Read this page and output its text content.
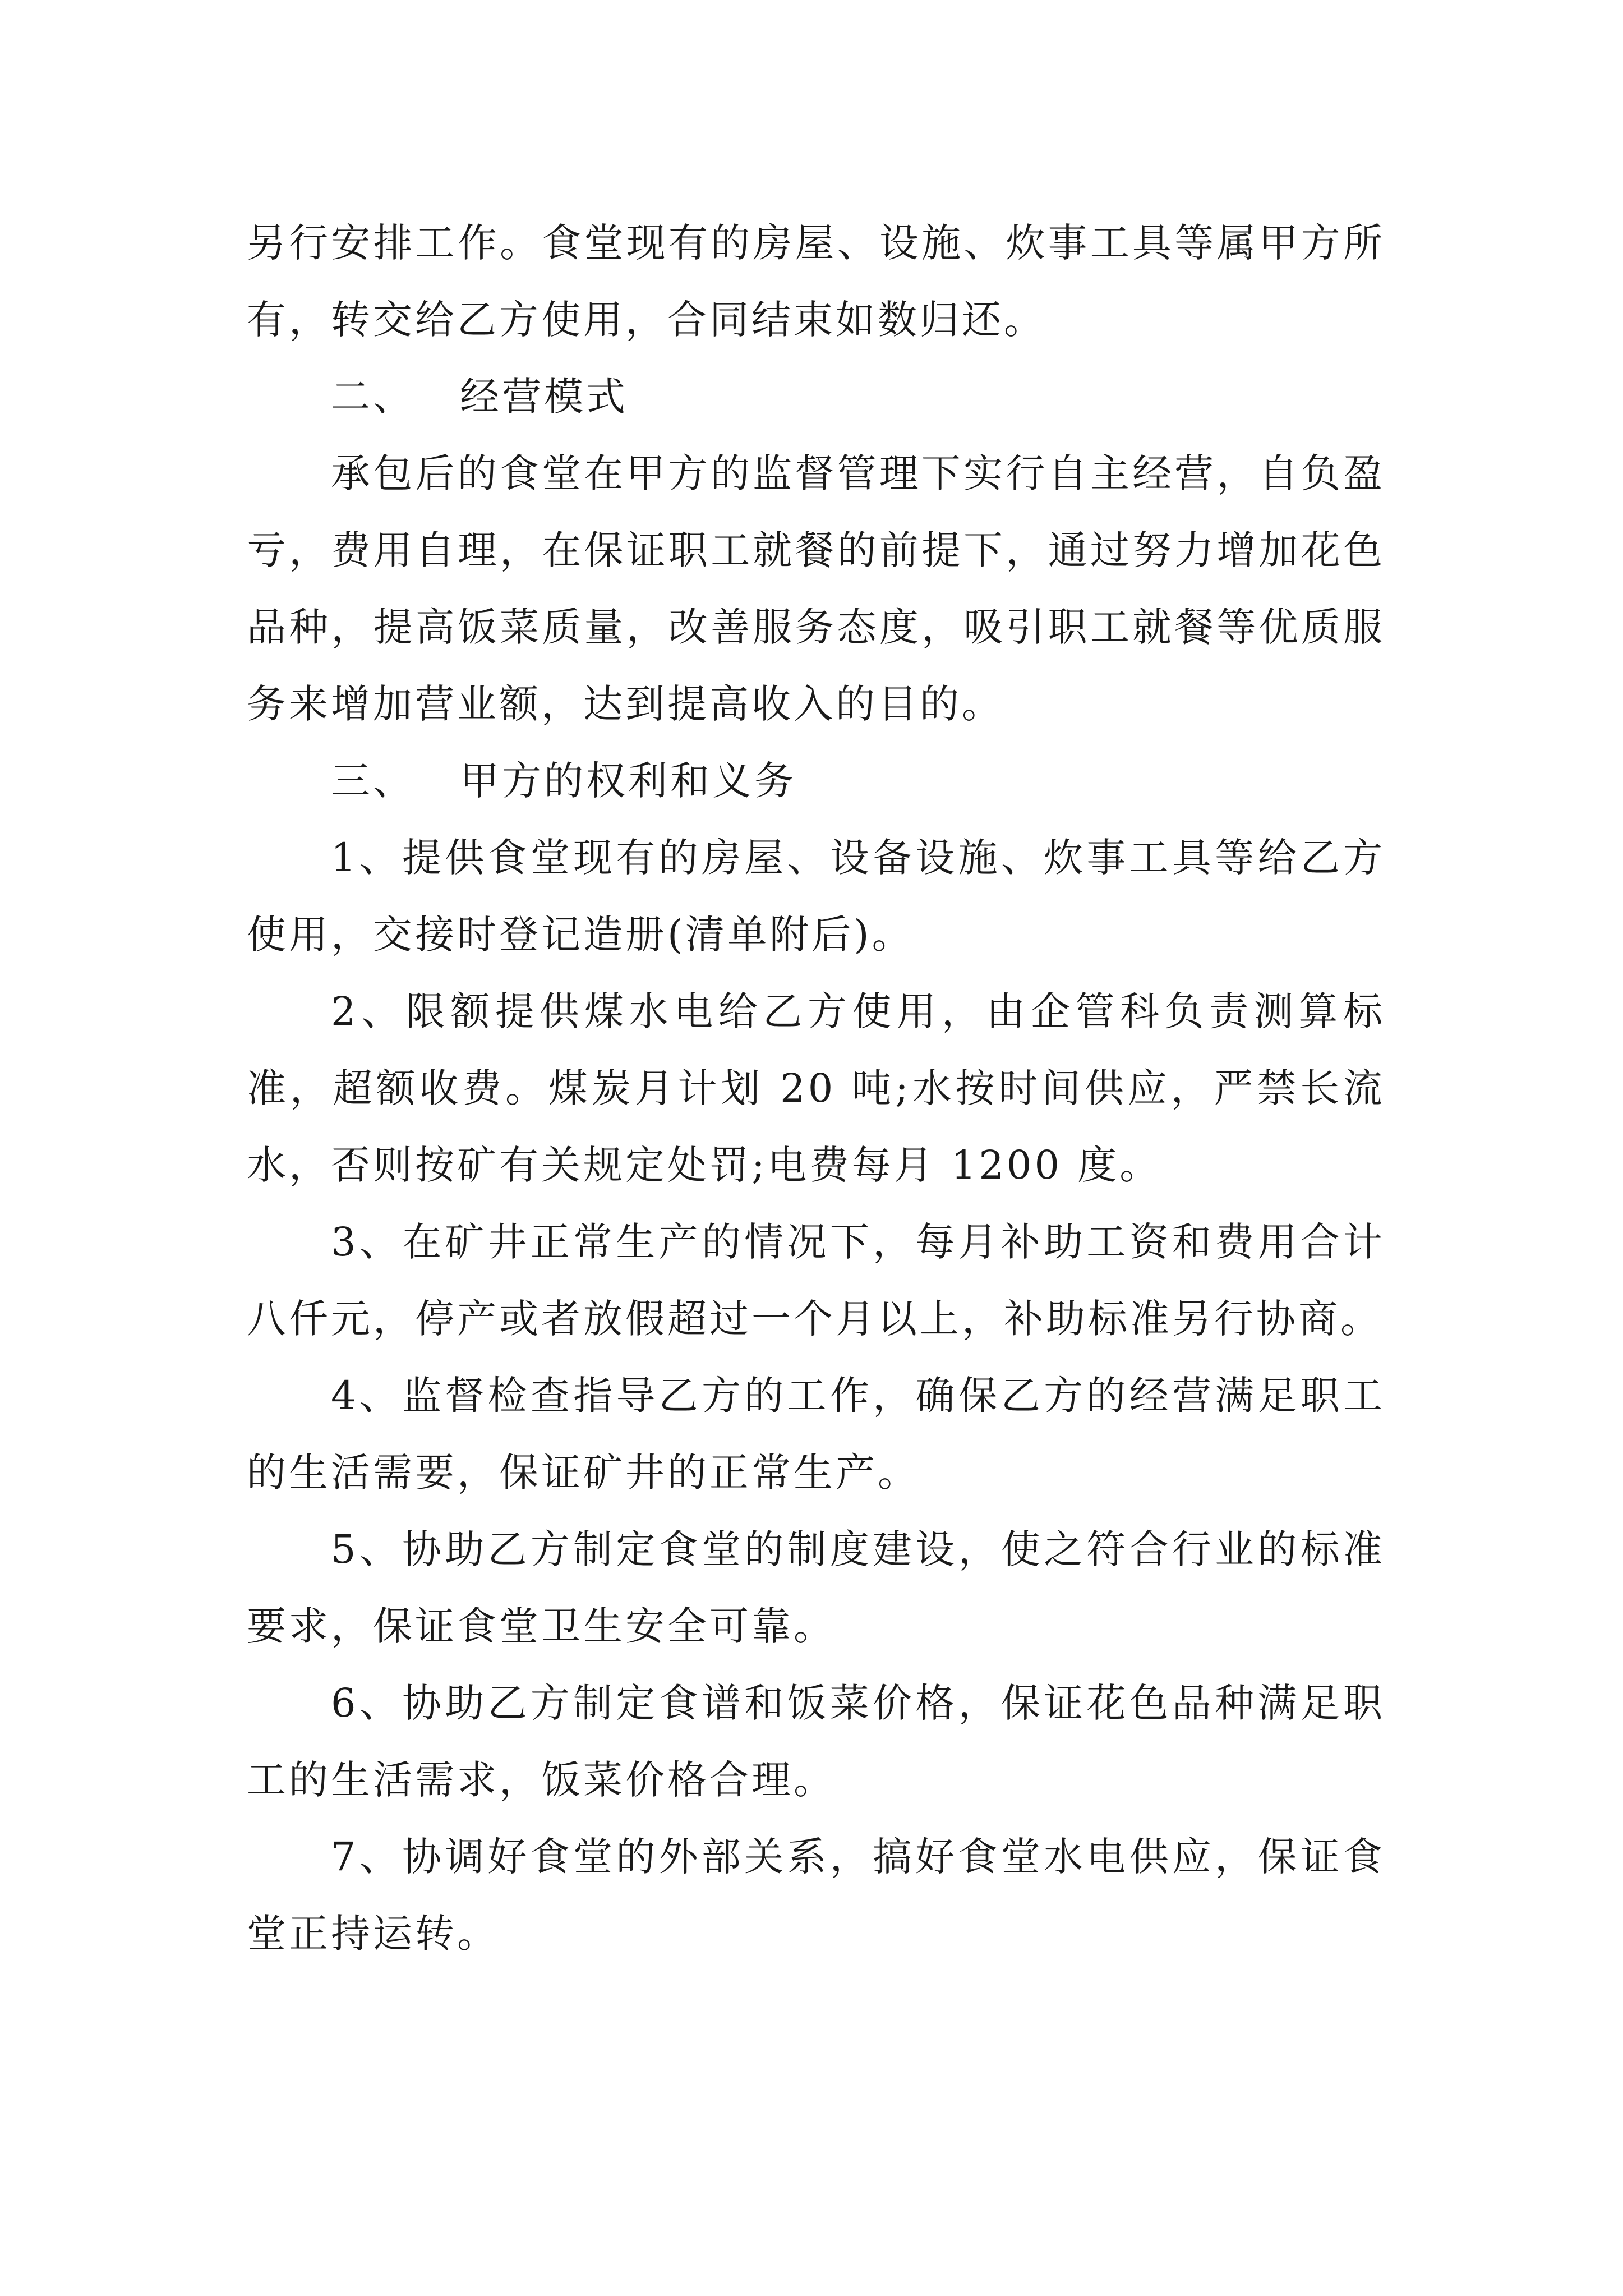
另行安排工作。食堂现有的房屋、设施、炊事工具等属甲方所有，转交给乙方使用，合同结束如数归还。

二、 经营模式

承包后的食堂在甲方的监督管理下实行自主经营，自负盈亏，费用自理，在保证职工就餐的前提下，通过努力增加花色品种，提高饭菜质量，改善服务态度，吸引职工就餐等优质服务来增加营业额，达到提高收入的目的。

三、 甲方的权利和义务

1、提供食堂现有的房屋、设备设施、炊事工具等给乙方使用，交接时登记造册(清单附后)。

2、限额提供煤水电给乙方使用，由企管科负责测算标准，超额收费。煤炭月计划 20 吨;水按时间供应，严禁长流水，否则按矿有关规定处罚;电费每月 1200 度。

3、在矿井正常生产的情况下，每月补助工资和费用合计八仟元，停产或者放假超过一个月以上，补助标准另行协商。

4、监督检查指导乙方的工作，确保乙方的经营满足职工的生活需要，保证矿井的正常生产。

5、协助乙方制定食堂的制度建设，使之符合行业的标准要求，保证食堂卫生安全可靠。

6、协助乙方制定食谱和饭菜价格，保证花色品种满足职工的生活需求，饭菜价格合理。

7、协调好食堂的外部关系，搞好食堂水电供应，保证食堂正持运转。
